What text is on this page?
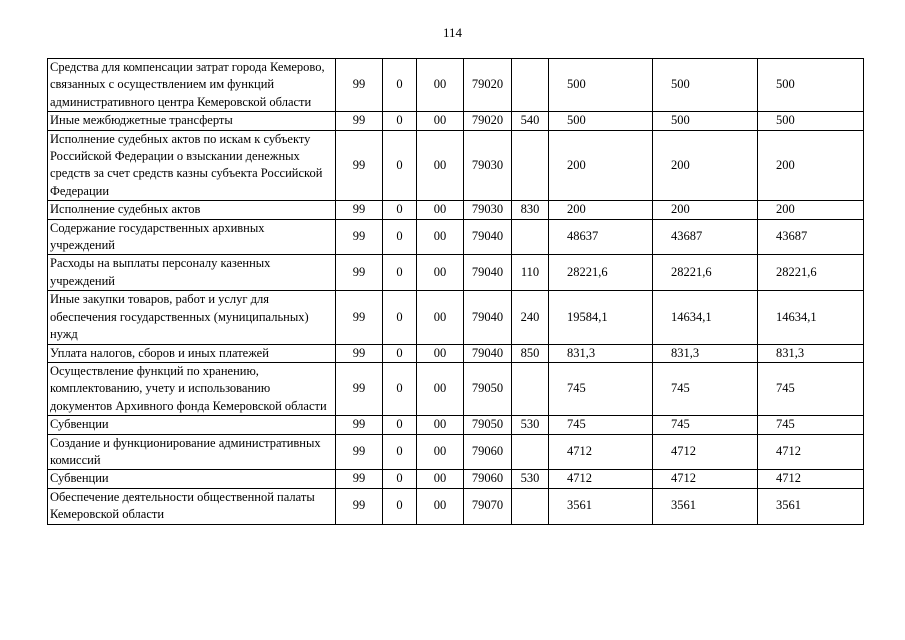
114
Средства для компенсации затрат города Кемерово, связанных с осуществлением им функций административного центра Кемеровской области	99	0	00	79020		500	500	500
Иные межбюджетные трансферты	99	0	00	79020	540	500	500	500
Исполнение судебных актов по искам к субъекту Российской Федерации о взыскании денежных средств за счет средств казны субъекта Российской Федерации	99	0	00	79030		200	200	200
Исполнение судебных актов	99	0	00	79030	830	200	200	200
Содержание государственных архивных учреждений	99	0	00	79040		48637	43687	43687
Расходы на выплаты персоналу казенных учреждений	99	0	00	79040	110	28221,6	28221,6	28221,6
Иные закупки товаров, работ и услуг для обеспечения государственных (муниципальных) нужд	99	0	00	79040	240	19584,1	14634,1	14634,1
Уплата налогов, сборов и иных платежей	99	0	00	79040	850	831,3	831,3	831,3
Осуществление функций по хранению, комплектованию, учету и использованию документов Архивного фонда Кемеровской области	99	0	00	79050		745	745	745
Субвенции	99	0	00	79050	530	745	745	745
Создание и функционирование административных комиссий	99	0	00	79060		4712	4712	4712
Субвенции	99	0	00	79060	530	4712	4712	4712
Обеспечение деятельности общественной палаты Кемеровской области	99	0	00	79070		3561	3561	3561
